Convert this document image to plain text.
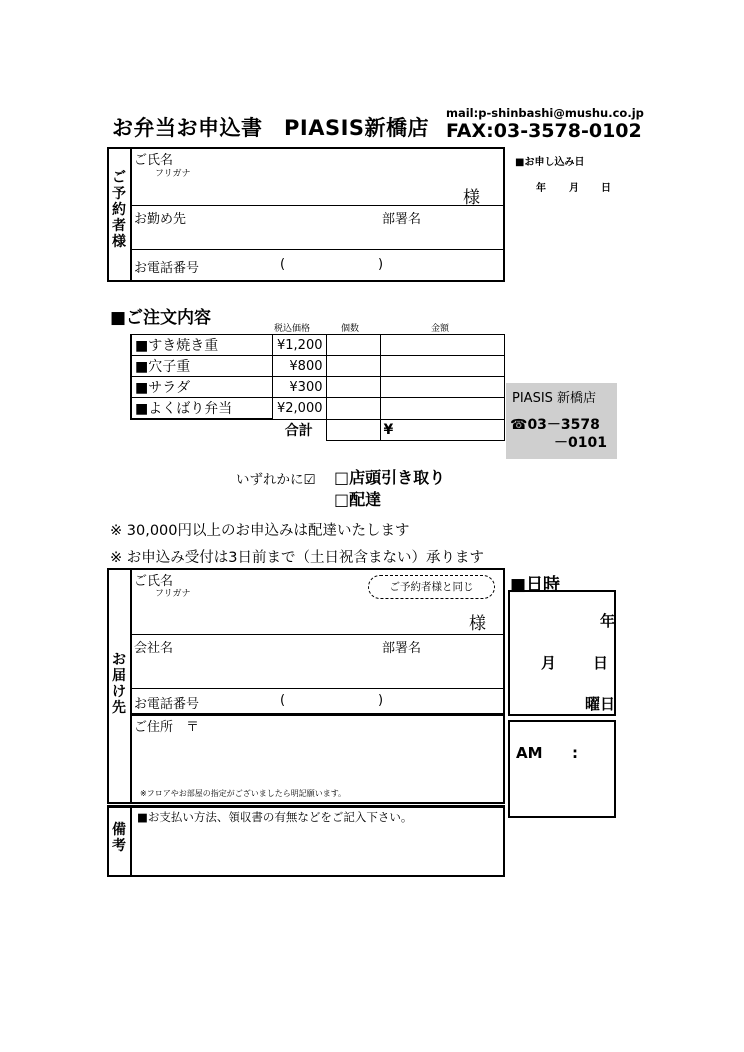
お弁当お申込書　PIASIS新橋店
mail:p-shinbashi@mushu.co.jp
FAX:03-3578-0102
ご予約者様
ご氏名
フリガナ
様
お勤め先	部署名
お電話番号	(	)
■お申し込み日
年 月 日
■ご注文内容
税込価格	個数	金額
■すき焼き重	¥1,200		
■穴子重	¥800		
■サラダ	¥300		
■よくばり弁当	¥2,000		
	合計		¥
PIASIS 新橋店
☎03－3578
－0101
いずれかに☑ □店頭引き取り
□配達
※ 30,000円以上のお申込みは配達いたします
※ お申込み受付は3日前まで（土日祝含まない）承ります
お届け先
ご氏名
フリガナ
ご予約者様と同じ
様
会社名	部署名
お電話番号	(	)
ご住所　〒
※フロアやお部屋の指定がございましたら明記願います。
備考
■お支払い方法、領収書の有無などをご記入下さい。
■日時
年
月 日
曜日
AM :
